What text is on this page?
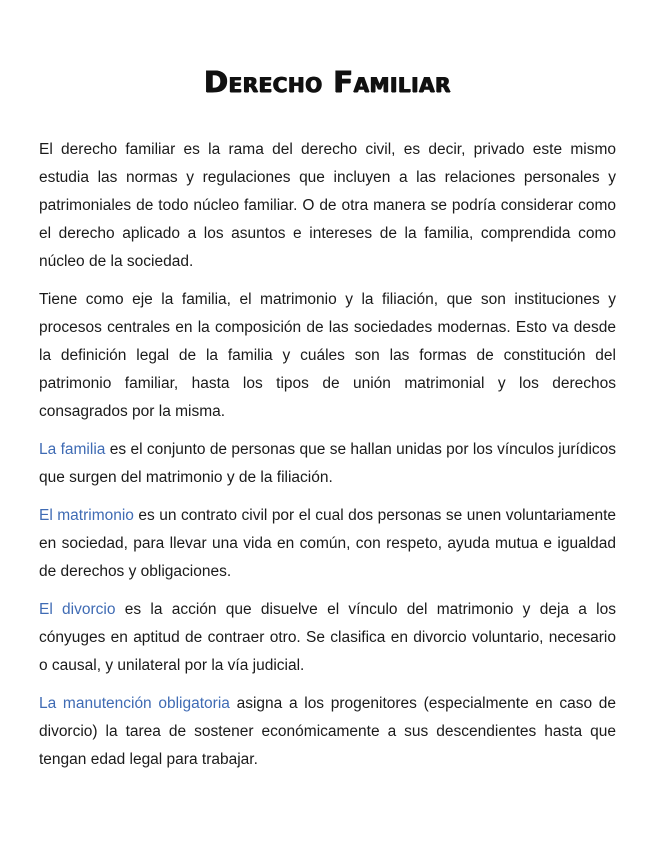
Derecho Familiar

El derecho familiar es la rama del derecho civil, es decir, privado este mismo estudia las normas y regulaciones que incluyen a las relaciones personales y patrimoniales de todo núcleo familiar. O de otra manera se podría considerar como el derecho aplicado a los asuntos e intereses de la familia, comprendida como núcleo de la sociedad.

Tiene como eje la familia, el matrimonio y la filiación, que son instituciones y procesos centrales en la composición de las sociedades modernas. Esto va desde la definición legal de la familia y cuáles son las formas de constitución del patrimonio familiar, hasta los tipos de unión matrimonial y los derechos consagrados por la misma.

La familia es el conjunto de personas que se hallan unidas por los vínculos jurídicos que surgen del matrimonio y de la filiación.

El matrimonio es un contrato civil por el cual dos personas se unen voluntariamente en sociedad, para llevar una vida en común, con respeto, ayuda mutua e igualdad de derechos y obligaciones.

El divorcio es la acción que disuelve el vínculo del matrimonio y deja a los cónyuges en aptitud de contraer otro. Se clasifica en divorcio voluntario, necesario o causal, y unilateral por la vía judicial.

La manutención obligatoria asigna a los progenitores (especialmente en caso de divorcio) la tarea de sostener económicamente a sus descendientes hasta que tengan edad legal para trabajar.
